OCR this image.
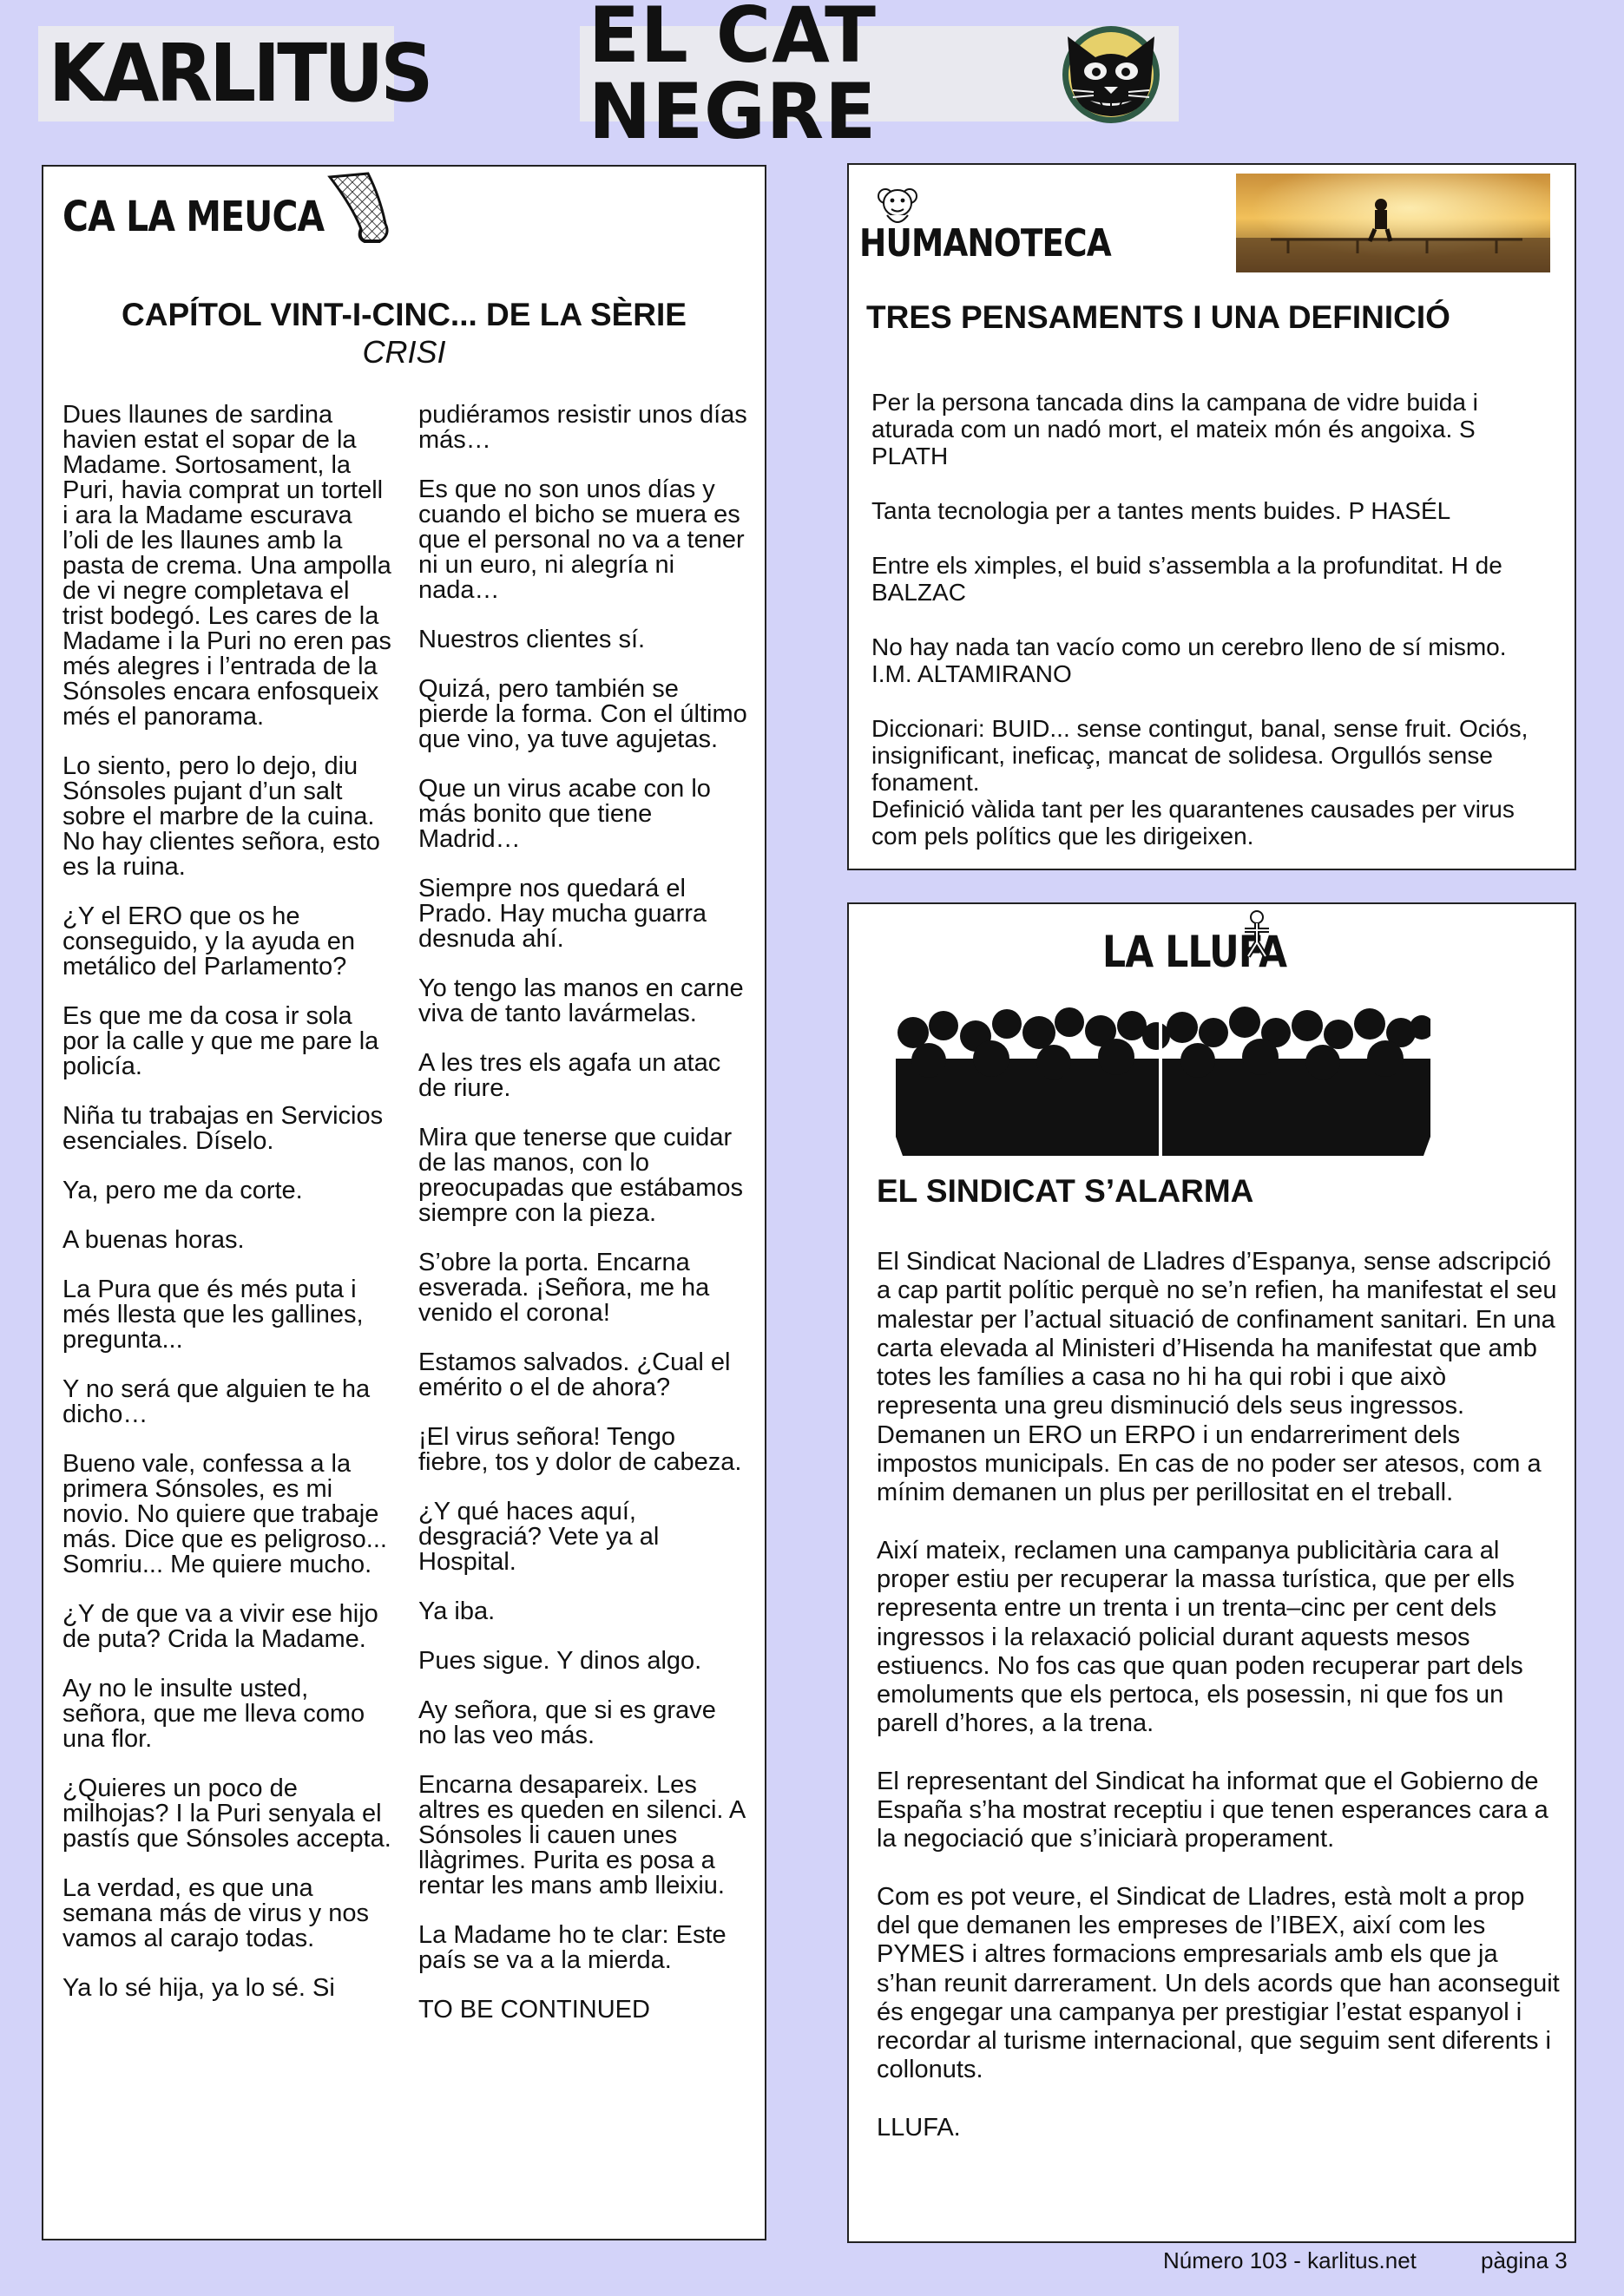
KARLITUS EL CAT NEGRE
CA LA MEUCA
CAPÍTOL VINT-I-CINC... DE LA SÈRIE
CRISI

Dues llaunes de sardina havien estat el sopar de la Madame. Sortosament, la Puri, havia comprat un tortell i ara la Madame escurava l’oli de les llaunes amb la pasta de crema. Una ampolla de vi negre completava el trist bodegó. Les cares de la Madame i la Puri no eren pas més alegres i l’entrada de la Sónsoles encara enfosqueix més el panorama.

Lo siento, pero lo dejo, diu Sónsoles pujant d’un salt sobre el marbre de la cuina. No hay clientes señora, esto es la ruina.

¿Y el ERO que os he conseguido, y la ayuda en metálico del Parlamento?

Es que me da cosa ir sola por la calle y que me pare la policía.

Niña tu trabajas en Servicios esenciales. Díselo.

Ya, pero me da corte.

A buenas horas.

La Pura que és més puta i més llesta que les gallines, pregunta...

Y no será que alguien te ha dicho…

Bueno vale, confessa a la primera Sónsoles, es mi novio. No quiere que trabaje más. Dice que es peligroso... Somriu... Me quiere mucho.

¿Y de que va a vivir ese hijo de puta? Crida la Madame.

Ay no le insulte usted, señora, que me lleva como una flor.

¿Quieres un poco de milhojas? I la Puri senyala el pastís que Sónsoles accepta.

La verdad, es que una semana más de virus y nos vamos al carajo todas.

Ya lo sé hija, ya lo sé. Si

pudiéramos resistir unos días más…

Es que no son unos días y cuando el bicho se muera es que el personal no va a tener ni un euro, ni alegría ni nada…

Nuestros clientes sí.

Quizá, pero también se pierde la forma. Con el último que vino, ya tuve agujetas.

Que un virus acabe con lo más bonito que tiene Madrid…

Siempre nos quedará el Prado. Hay mucha guarra desnuda ahí.

Yo tengo las manos en carne viva de tanto lavármelas.

A les tres els agafa un atac de riure.

Mira que tenerse que cuidar de las manos, con lo preocupadas que estábamos siempre con la pieza.

S’obre la porta. Encarna esverada. ¡Señora, me ha venido el corona!

Estamos salvados. ¿Cual el emérito o el de ahora?

¡El virus señora! Tengo fiebre, tos y dolor de cabeza.

¿Y qué haces aquí, desgraciá? Vete ya al Hospital.

Ya iba.

Pues sigue. Y dinos algo.

Ay señora, que si es grave no las veo más.

Encarna desapareix. Les altres es queden en silenci. A Sónsoles li cauen unes llàgrimes. Purita es posa a rentar les mans amb lleixiu.

La Madame ho te clar: Este país se va a la mierda.

TO BE CONTINUED

HUMANOTECA
TRES PENSAMENTS I UNA DEFINICIÓ

Per la persona tancada dins la campana de vidre buida i aturada com un nadó mort, el mateix món és angoixa. S PLATH

Tanta tecnologia per a tantes ments buides. P HASÉL

Entre els ximples, el buid s’assembla a la profunditat. H de BALZAC

No hay nada tan vacío como un cerebro lleno de sí mismo. I.M. ALTAMIRANO

Diccionari: BUID... sense contingut, banal, sense fruit. Ociós, insignificant, ineficaç, mancat de solidesa. Orgullós sense fonament.

Definició vàlida tant per les quarantenes causades per virus com pels polítics que les dirigeixen.

LA LLUFA
EL SINDICAT S’ALARMA

El Sindicat Nacional de Lladres d’Espanya, sense adscripció a cap partit polític perquè no se’n refien, ha manifestat el seu malestar per l’actual situació de confinament sanitari. En una carta elevada al Ministeri d’Hisenda ha manifestat que amb totes les famílies a casa no hi ha qui robi i que això representa una greu disminució dels seus ingressos. Demanen un ERO un ERPO i un endarreriment dels impostos municipals. En cas de no poder ser atesos, com a mínim demanen un plus per perillositat en el treball.

Així mateix, reclamen una campanya publicitària cara al proper estiu per recuperar la massa turística, que per ells representa entre un trenta i un trenta–cinc per cent dels ingressos i la relaxació policial durant aquests mesos estiuencs. No fos cas que quan poden recuperar part dels emoluments que els pertoca, els posessin, ni que fos un parell d’hores, a la trena.

El representant del Sindicat ha informat que el Gobierno de España s’ha mostrat receptiu i que tenen esperances cara a la negociació que s’iniciarà properament.

Com es pot veure, el Sindicat de Lladres, està molt a prop del que demanen les empreses de l’IBEX, així com les PYMES i altres formacions empresarials amb els que ja s’han reunit darrerament. Un dels acords que han aconseguit és engegar una campanya per prestigiar l’estat espanyol i recordar al turisme internacional, que seguim sent diferents i collonuts.

LLUFA.

Número 103 - karlitus.net	pàgina 3
